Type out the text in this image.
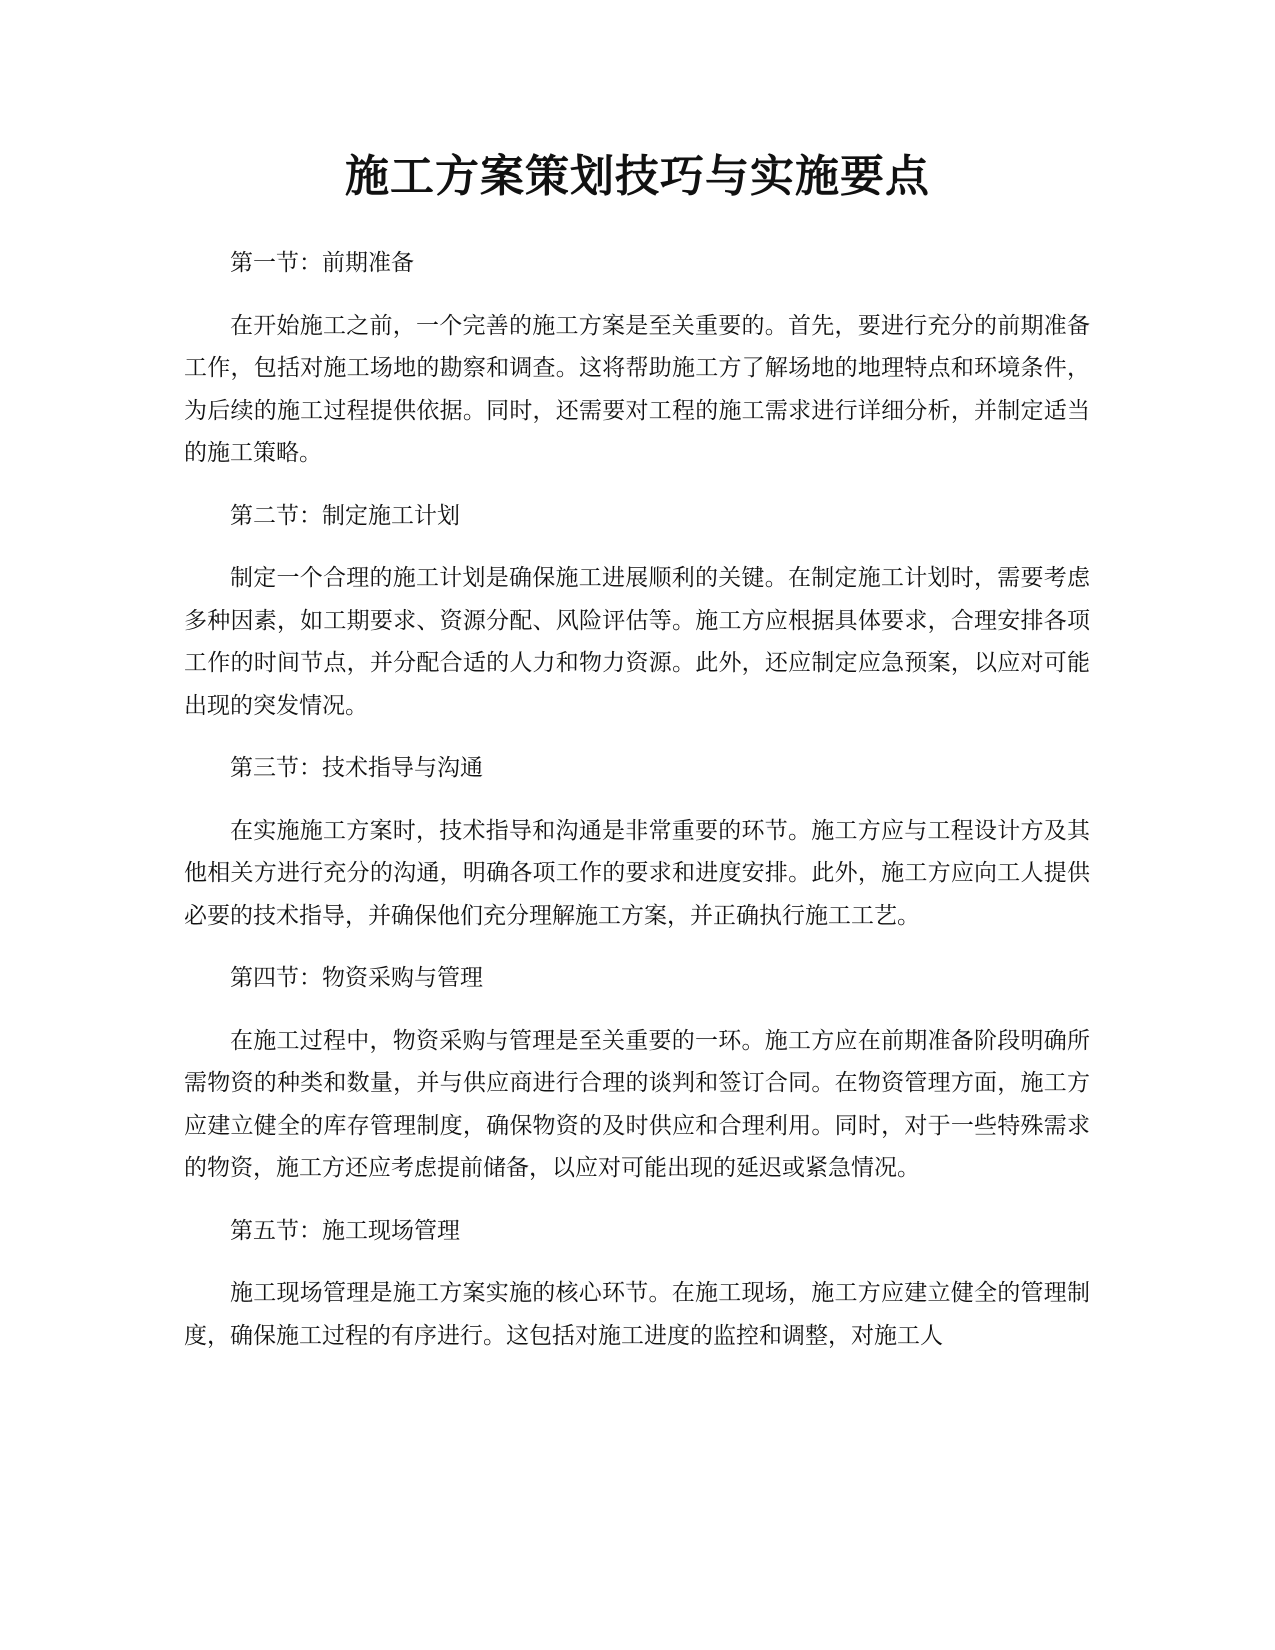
施工方案策划技巧与实施要点

第一节：前期准备

在开始施工之前，一个完善的施工方案是至关重要的。首先，要进行充分的前期准备工作，包括对施工场地的勘察和调查。这将帮助施工方了解场地的地理特点和环境条件，为后续的施工过程提供依据。同时，还需要对工程的施工需求进行详细分析，并制定适当的施工策略。

第二节：制定施工计划

制定一个合理的施工计划是确保施工进展顺利的关键。在制定施工计划时，需要考虑多种因素，如工期要求、资源分配、风险评估等。施工方应根据具体要求，合理安排各项工作的时间节点，并分配合适的人力和物力资源。此外，还应制定应急预案，以应对可能出现的突发情况。

第三节：技术指导与沟通

在实施施工方案时，技术指导和沟通是非常重要的环节。施工方应与工程设计方及其他相关方进行充分的沟通，明确各项工作的要求和进度安排。此外，施工方应向工人提供必要的技术指导，并确保他们充分理解施工方案，并正确执行施工工艺。

第四节：物资采购与管理

在施工过程中，物资采购与管理是至关重要的一环。施工方应在前期准备阶段明确所需物资的种类和数量，并与供应商进行合理的谈判和签订合同。在物资管理方面，施工方应建立健全的库存管理制度，确保物资的及时供应和合理利用。同时，对于一些特殊需求的物资，施工方还应考虑提前储备，以应对可能出现的延迟或紧急情况。

第五节：施工现场管理

施工现场管理是施工方案实施的核心环节。在施工现场，施工方应建立健全的管理制度，确保施工过程的有序进行。这包括对施工进度的监控和调整，对施工人
